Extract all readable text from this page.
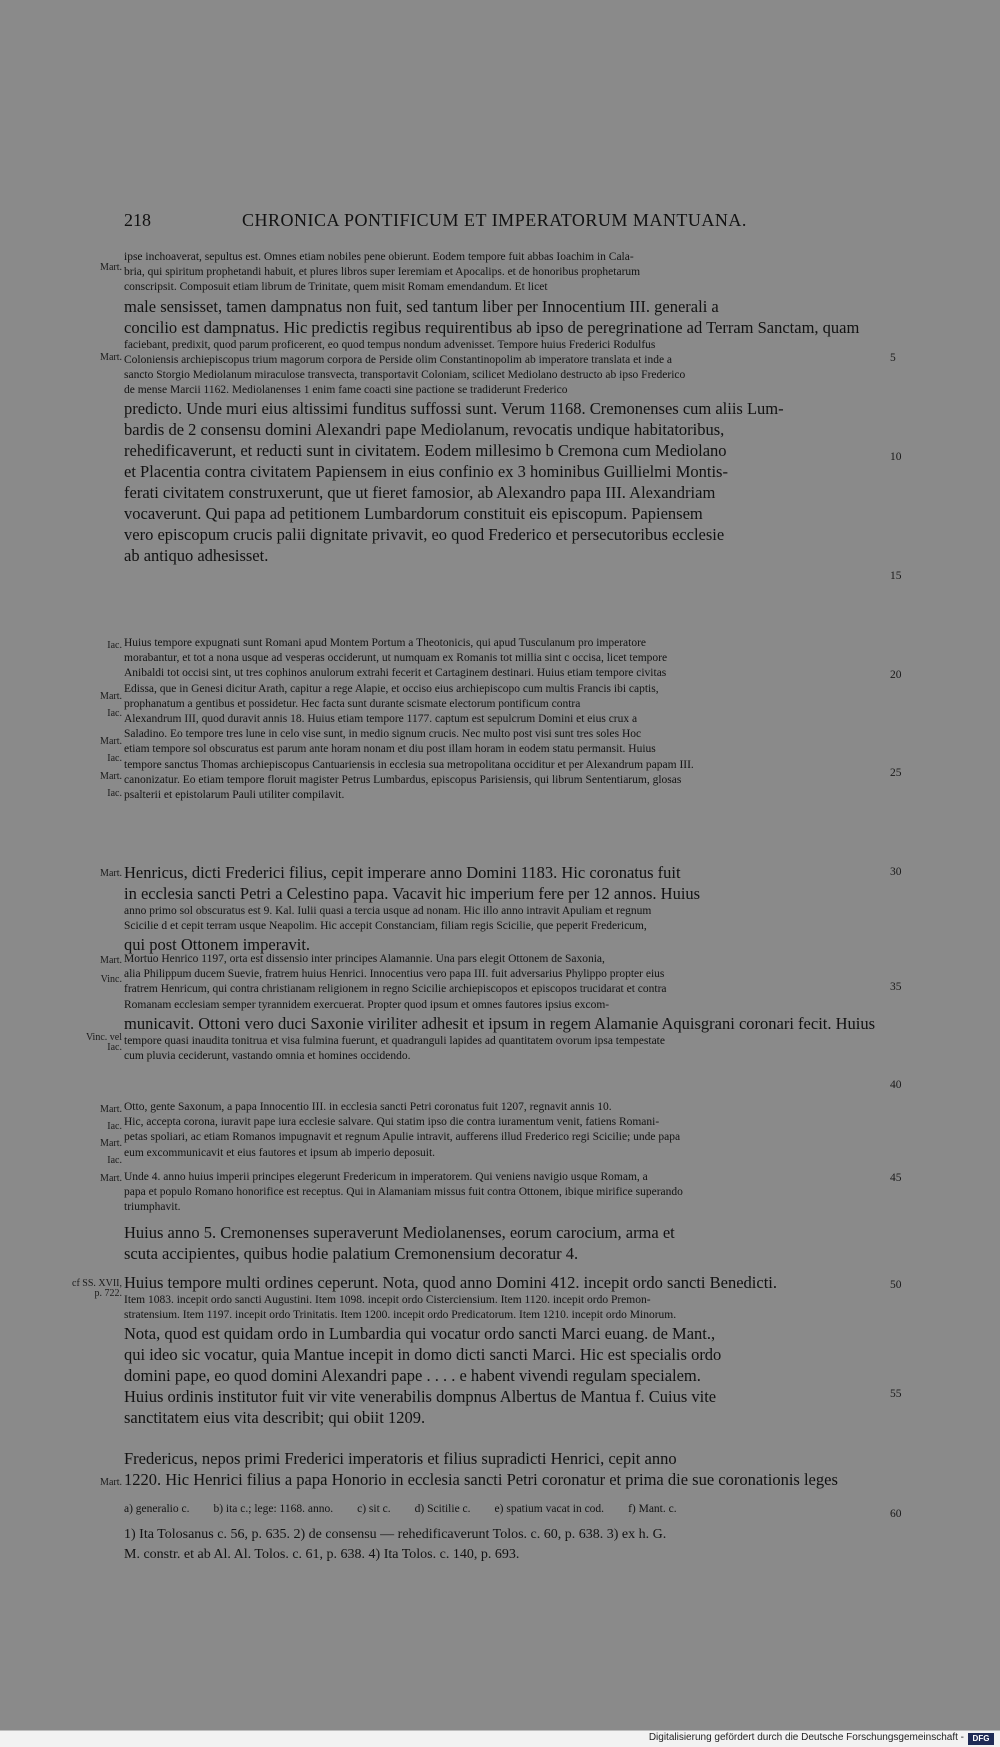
218	CHRONICA PONTIFICUM ET IMPERATORUM MANTUANA.
ipse inchoaverat, sepultus est. Omnes etiam nobiles pene obierunt. Eodem tempore fuit abbas Ioachim in Cala-
bria, qui spiritum prophetandi habuit, et plures libros super Ieremiam et Apocalips. et de honoribus prophetarum
conscripsit. Composuit etiam librum de Trinitate, quem misit Romam emendandum. Et licet
male sensisset, tamen dampnatus non fuit, sed tantum liber per Innocentium III. generali a
concilio est dampnatus. Hic predictis regibus requirentibus ab ipso de peregrinatione ad Terram Sanctam, quam
faciebant, predixit, quod parum proficerent, eo quod tempus nondum advenisset. Tempore huius Frederici Rodulfus
Coloniensis archiepiscopus trium magorum corpora de Perside olim Constantinopolim ab imperatore translata et inde a
sancto Storgio Mediolanum miraculose transvecta, transportavit Coloniam, scilicet Mediolano destructo ab ipso Frederico
de mense Marcii 1162. Mediolanenses 1 enim fame coacti sine pactione se tradiderunt Frederico
predicto. Unde muri eius altissimi funditus suffossi sunt. Verum 1168. Cremonenses cum aliis Lum-
bardis de 2 consensu domini Alexandri pape Mediolanum, revocatis undique habitatoribus,
rehedificaverunt, et reducti sunt in civitatem. Eodem millesimo b Cremona cum Mediolano
et Placentia contra civitatem Papiensem in eius confinio ex 3 hominibus Guillielmi Montis-
ferati civitatem construxerunt, que ut fieret famosior, ab Alexandro papa III. Alexandriam
vocaverunt. Qui papa ad petitionem Lumbardorum constituit eis episcopum. Papiensem
vero episcopum crucis palii dignitate privavit, eo quod Frederico et persecutoribus ecclesie
ab antiquo adhesisset.
Huius tempore expugnati sunt Romani apud Montem Portum a Theotonicis, qui apud Tusculanum pro imperatore
morabantur, et tot a nona usque ad vesperas occiderunt, ut numquam ex Romanis tot millia sint c occisa, licet tempore
Anibaldi tot occisi sint, ut tres cophinos anulorum extrahi fecerit et Cartaginem destinari. Huius etiam tempore civitas
Edissa, que in Genesi dicitur Arath, capitur a rege Alapie, et occiso eius archiepiscopo cum multis Francis ibi captis,
prophanatum a gentibus et possidetur. Hec facta sunt durante scismate electorum pontificum contra
Alexandrum III, quod duravit annis 18. Huius etiam tempore 1177. captum est sepulcrum Domini et eius crux a
Saladino. Eo tempore tres lune in celo vise sunt, in medio signum crucis. Nec multo post visi sunt tres soles Hoc
etiam tempore sol obscuratus est parum ante horam nonam et diu post illam horam in eodem statu permansit. Huius
tempore sanctus Thomas archiepiscopus Cantuariensis in ecclesia sua metropolitana occiditur et per Alexandrum papam III.
canonizatur. Eo etiam tempore floruit magister Petrus Lumbardus, episcopus Parisiensis, qui librum Sententiarum, glosas
psalterii et epistolarum Pauli utiliter compilavit.
Henricus, dicti Frederici filius, cepit imperare anno Domini 1183. Hic coronatus fuit
in ecclesia sancti Petri a Celestino papa. Vacavit hic imperium fere per 12 annos. Huius
anno primo sol obscuratus est 9. Kal. Iulii quasi a tercia usque ad nonam. Hic illo anno intravit Apuliam et regnum
Scicilie d et cepit terram usque Neapolim. Hic accepit Constanciam, filiam regis Scicilie, que peperit Fredericum,
qui post Ottonem imperavit.
Mortuo Henrico 1197, orta est dissensio inter principes Alamannie. Una pars elegit Ottonem de Saxonia,
alia Philippum ducem Suevie, fratrem huius Henrici. Innocentius vero papa III. fuit adversarius Phylippo propter eius
fratrem Henricum, qui contra christianam religionem in regno Scicilie archiepiscopos et episcopos trucidarat et contra
Romanam ecclesiam semper tyrannidem exercuerat. Propter quod ipsum et omnes fautores ipsius excom-
municavit. Ottoni vero duci Saxonie viriliter adhesit et ipsum in regem Alamanie Aquisgrani coronari fecit. Huius
tempore quasi inaudita tonitrua et visa fulmina fuerunt, et quadranguli lapides ad quantitatem ovorum ipsa tempestate
cum pluvia ceciderunt, vastando omnia et homines occidendo.
Otto, gente Saxonum, a papa Innocentio III. in ecclesia sancti Petri coronatus fuit 1207, regnavit annis 10.
Hic, accepta corona, iuravit pape iura ecclesie salvare. Qui statim ipso die contra iuramentum venit, fatiens Romani-
petas spoliari, ac etiam Romanos impugnavit et regnum Apulie intravit, aufferens illud Frederico regi Scicilie; unde papa
eum excommunicavit et eius fautores et ipsum ab imperio deposuit.
Unde 4. anno huius imperii principes elegerunt Fredericum in imperatorem. Qui veniens navigio usque Romam, a
papa et populo Romano honorifice est receptus. Qui in Alamaniam missus fuit contra Ottonem, ibique mirifice superando
triumphavit.
Huius anno 5. Cremonenses superaverunt Mediolanenses, eorum carocium, arma et
scuta accipientes, quibus hodie palatium Cremonensium decoratur 4.
Huius tempore multi ordines ceperunt. Nota, quod anno Domini 412. incepit ordo sancti Benedicti.
Item 1083. incepit ordo sancti Augustini. Item 1098. incepit ordo Cisterciensium. Item 1120. incepit ordo Premon-
stratensium. Item 1197. incepit ordo Trinitatis. Item 1200. incepit ordo Predicatorum. Item 1210. incepit ordo Minorum.
Nota, quod est quidam ordo in Lumbardia qui vocatur ordo sancti Marci euang. de Mant.,
qui ideo sic vocatur, quia Mantue incepit in domo dicti sancti Marci. Hic est specialis ordo
domini pape, eo quod domini Alexandri pape . . . . e habent vivendi regulam specialem.
Huius ordinis institutor fuit vir vite venerabilis dompnus Albertus de Mantua f. Cuius vite
sanctitatem eius vita describit; qui obiit 1209.
Fredericus, nepos primi Frederici imperatoris et filius supradicti Henrici, cepit anno
1220. Hic Henrici filius a papa Honorio in ecclesia sancti Petri coronatur et prima die sue coronationis leges
Mart.
Mart.
Iac.
Mart.
Iac.
Mart.
Iac.
Mart.
Iac.
Mart.
Mart.
Vinc.
Vinc. vel
Iac.
Mart.
Iac.
Mart.
Iac.
Mart.
cf SS. XVII,
p. 722.
Mart.
5
10
15
20
25
30
35
40
45
50
55
60
a) generalio c. b) ita c.; lege: 1168. anno. c) sit c. d) Scitilie c. e) spatium vacat in cod. f) Mant. c.
1) Ita Tolosanus c. 56, p. 635. 2) de consensu — rehedificaverunt Tolos. c. 60, p. 638. 3) ex h. G.
M. constr. et ab Al. Al. Tolos. c. 61, p. 638. 4) Ita Tolos. c. 140, p. 693.
Digitalisierung gefördert durch die Deutsche Forschungsgemeinschaft -	DFG
